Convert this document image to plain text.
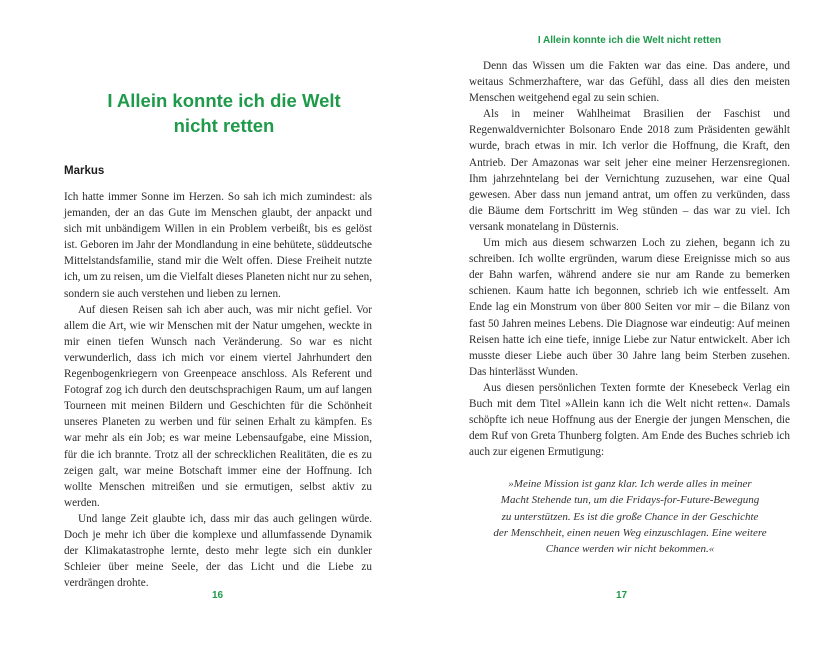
I Allein konnte ich die Welt
nicht retten
Markus

Ich hatte immer Sonne im Herzen. So sah ich mich zumindest: als jemanden, der an das Gute im Menschen glaubt, der anpackt und sich mit unbändigem Willen in ein Problem verbeißt, bis es gelöst ist. Geboren im Jahr der Mondlandung in eine behütete, süddeutsche Mittelstandsfamilie, stand mir die Welt offen. Diese Freiheit nutzte ich, um zu reisen, um die Vielfalt dieses Planeten nicht nur zu sehen, sondern sie auch verstehen und lieben zu lernen.

Auf diesen Reisen sah ich aber auch, was mir nicht gefiel. Vor allem die Art, wie wir Menschen mit der Natur umgehen, weckte in mir einen tiefen Wunsch nach Veränderung. So war es nicht verwunderlich, dass ich mich vor einem viertel Jahrhundert den Regenbogenkriegern von Greenpeace anschloss. Als Referent und Fotograf zog ich durch den deutschsprachigen Raum, um auf langen Tourneen mit meinen Bildern und Geschichten für die Schönheit unseres Planeten zu werben und für seinen Erhalt zu kämpfen. Es war mehr als ein Job; es war meine Lebensaufgabe, eine Mission, für die ich brannte. Trotz all der schrecklichen Realitäten, die es zu zeigen galt, war meine Botschaft immer eine der Hoffnung. Ich wollte Menschen mitreißen und sie ermutigen, selbst aktiv zu werden.

Und lange Zeit glaubte ich, dass mir das auch gelingen würde. Doch je mehr ich über die komplexe und allumfassende Dynamik der Klimakatastrophe lernte, desto mehr legte sich ein dunkler Schleier über meine Seele, der das Licht und die Liebe zu verdrängen drohte.

16
I Allein konnte ich die Welt nicht retten

Denn das Wissen um die Fakten war das eine. Das andere, und weitaus Schmerzhaftere, war das Gefühl, dass all dies den meisten Menschen weitgehend egal zu sein schien.

Als in meiner Wahlheimat Brasilien der Faschist und Regenwaldvernichter Bolsonaro Ende 2018 zum Präsidenten gewählt wurde, brach etwas in mir. Ich verlor die Hoffnung, die Kraft, den Antrieb. Der Amazonas war seit jeher eine meiner Herzensregionen. Ihm jahrzehntelang bei der Vernichtung zuzusehen, war eine Qual gewesen. Aber dass nun jemand antrat, um offen zu verkünden, dass die Bäume dem Fortschritt im Weg stünden – das war zu viel. Ich versank monatelang in Düsternis.

Um mich aus diesem schwarzen Loch zu ziehen, begann ich zu schreiben. Ich wollte ergründen, warum diese Ereignisse mich so aus der Bahn warfen, während andere sie nur am Rande zu bemerken schienen. Kaum hatte ich begonnen, schrieb ich wie entfesselt. Am Ende lag ein Monstrum von über 800 Seiten vor mir – die Bilanz von fast 50 Jahren meines Lebens. Die Diagnose war eindeutig: Auf meinen Reisen hatte ich eine tiefe, innige Liebe zur Natur entwickelt. Aber ich musste dieser Liebe auch über 30 Jahre lang beim Sterben zusehen. Das hinterlässt Wunden.

Aus diesen persönlichen Texten formte der Knesebeck Verlag ein Buch mit dem Titel »Allein kann ich die Welt nicht retten«. Damals schöpfte ich neue Hoffnung aus der Energie der jungen Menschen, die dem Ruf von Greta Thunberg folgten. Am Ende des Buches schrieb ich auch zur eigenen Ermutigung:

»Meine Mission ist ganz klar. Ich werde alles in meiner
Macht Stehende tun, um die Fridays-for-Future-Bewegung
zu unterstützen. Es ist die große Chance in der Geschichte
der Menschheit, einen neuen Weg einzuschlagen. Eine weitere
Chance werden wir nicht bekommen.«
17
